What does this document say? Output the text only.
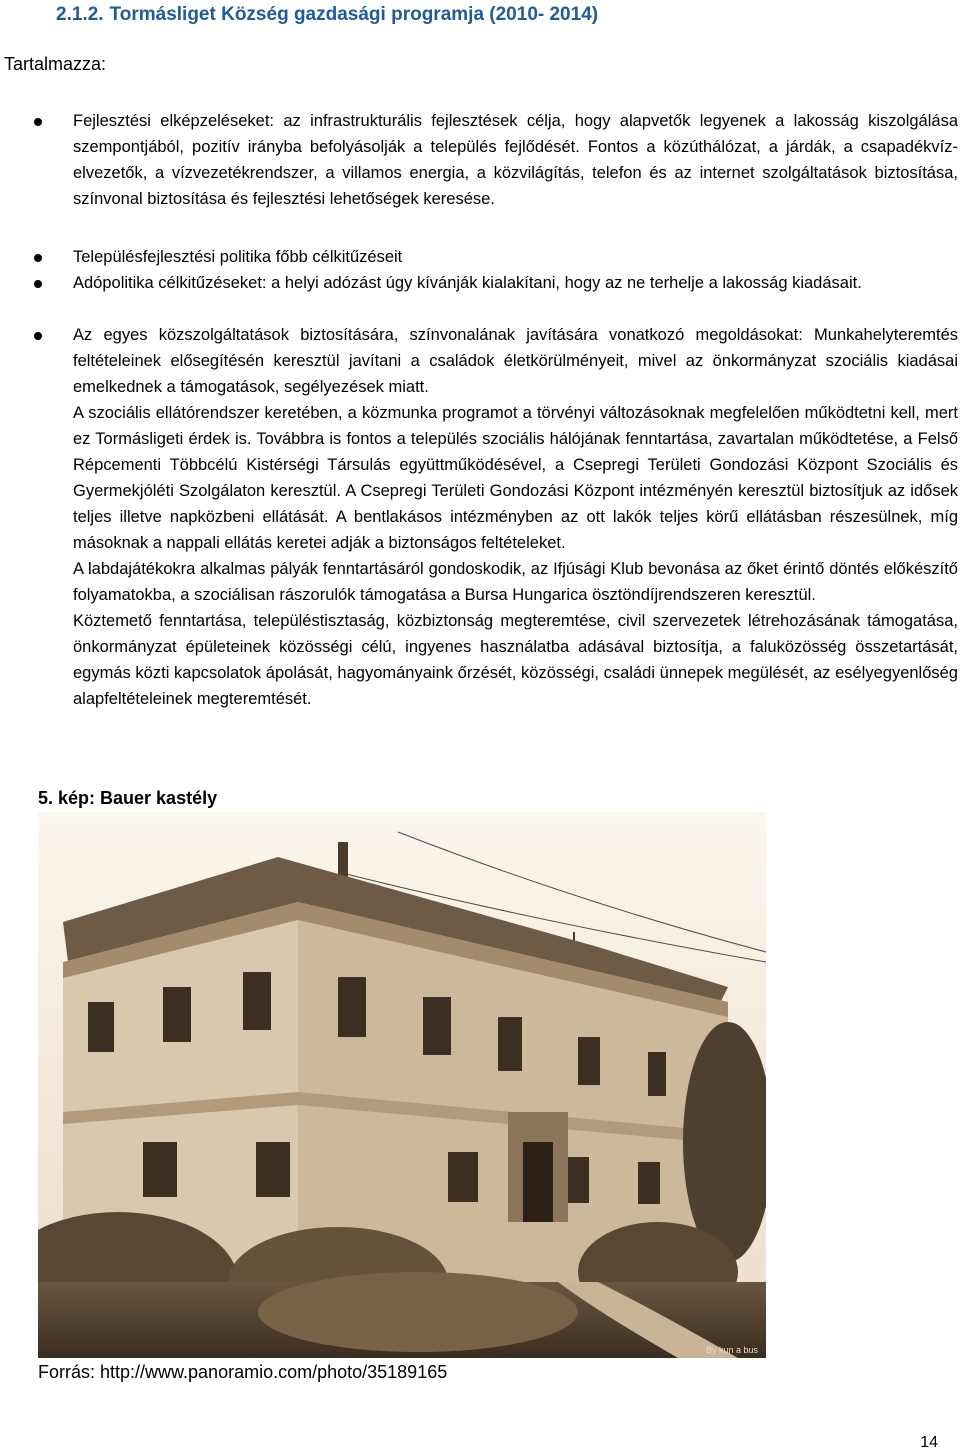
2.1.2. Tormásliget Község gazdasági programja (2010- 2014)
Tartalmazza:

Fejlesztési elképzeléseket: az infrastrukturális fejlesztések célja, hogy alapvetők legyenek a lakosság kiszolgálása szempontjából, pozitív irányba befolyásolják a település fejlődését. Fontos a közúthálózat, a járdák, a csapadékvíz- elvezetők, a vízvezetékrendszer, a villamos energia, a közvilágítás, telefon és az internet szolgáltatások biztosítása, színvonal biztosítása és fejlesztési lehetőségek keresése.

Településfejlesztési politika főbb célkitűzéseit

Adópolitika célkitűzéseket: a helyi adózást úgy kívánják kialakítani, hogy az ne terhelje a lakosság kiadásait.

Az egyes közszolgáltatások biztosítására, színvonalának javítására vonatkozó megoldásokat: Munkahelyteremtés feltételeinek elősegítésén keresztül javítani a családok életkörülményeit, mivel az önkormányzat szociális kiadásai emelkednek a támogatások, segélyezések miatt.

A szociális ellátórendszer keretében, a közmunka programot a törvényi változásoknak megfelelően működtetni kell, mert ez Tormásligeti érdek is. Továbbra is fontos a település szociális hálójának fenntartása, zavartalan működtetése, a Felső Répcementi Többcélú Kistérségi Társulás együttműködésével, a Csepregi Területi Gondozási Központ Szociális és Gyermekjóléti Szolgálaton keresztül. A Csepregi Területi Gondozási Központ intézményén keresztül biztosítjuk az idősek teljes illetve napközbeni ellátását. A bentlakásos intézményben az ott lakók teljes körű ellátásban részesülnek, míg másoknak a nappali ellátás keretei adják a biztonságos feltételeket.

A labdajátékokra alkalmas pályák fenntartásáról gondoskodik, az Ifjúsági Klub bevonása az őket érintő döntés előkészítő folyamatokba, a szociálisan rászorulók támogatása a Bursa Hungarica ösztöndíjrendszeren keresztül.

Köztemető fenntartása, településtisztaság, közbiztonság megteremtése, civil szervezetek létrehozásának támogatása, önkormányzat épületeinek közösségi célú, ingyenes használatba adásával biztosítja, a faluközösség összetartását, egymás közti kapcsolatok ápolását, hagyományaink őrzését, közösségi, családi ünnepek megülését, az esélyegyenlőség alapfeltételeinek megteremtését.

5. kép: Bauer kastély
By kun a bus
Forrás: http://www.panoramio.com/photo/35189165
14
